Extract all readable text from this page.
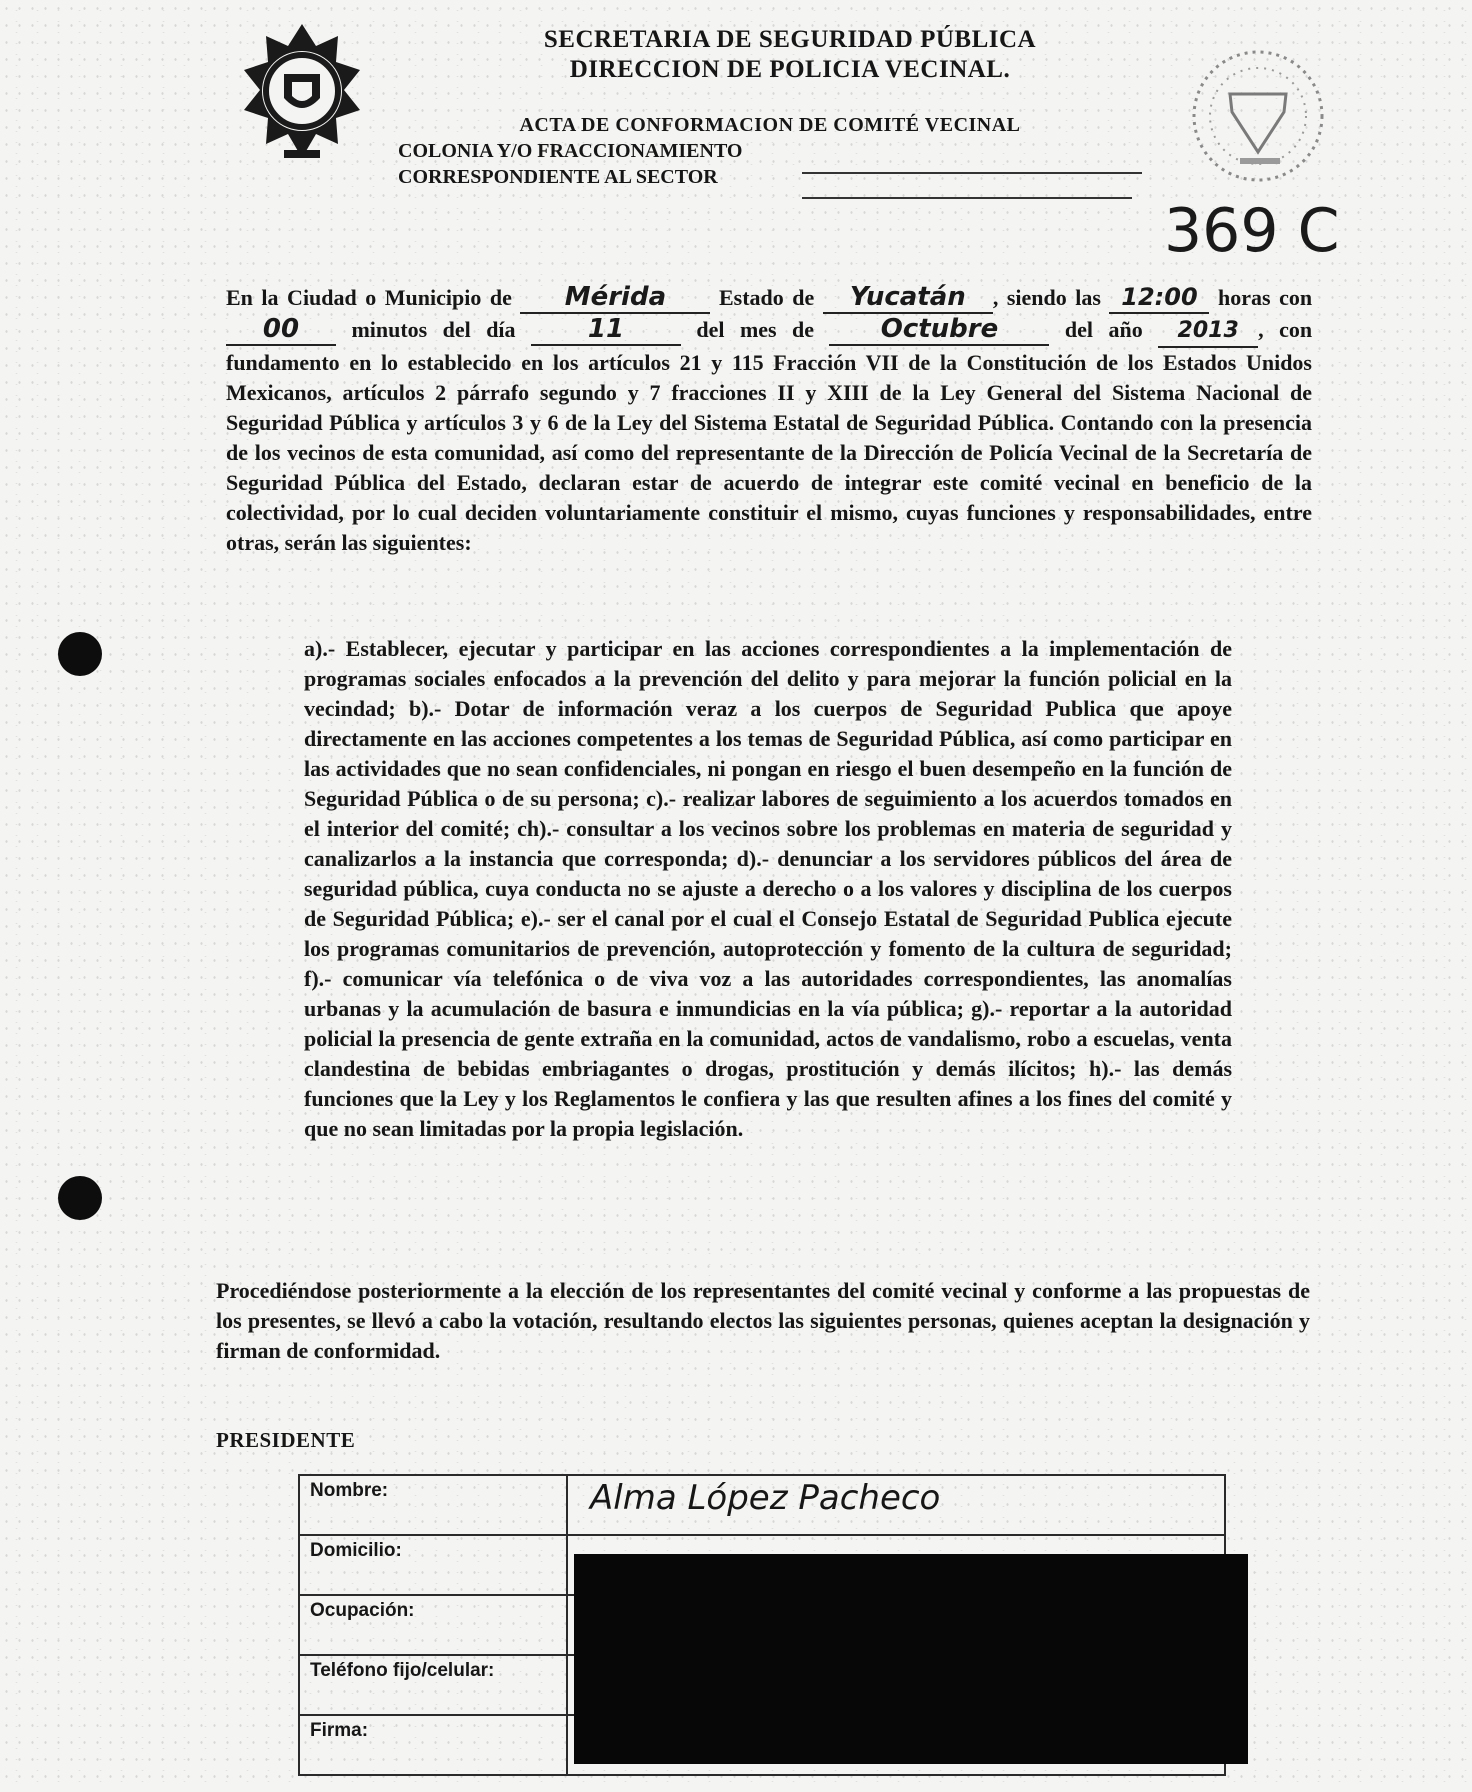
SECRETARIA DE SEGURIDAD PÚBLICA
DIRECCION DE POLICIA VECINAL.
ACTA DE CONFORMACION DE COMITÉ VECINAL
COLONIA Y/O FRACCIONAMIENTO
CORRESPONDIENTE AL SECTOR
369 C
En la Ciudad o Municipio de Mérida Estado de Yucatán , siendo las 12:00 horas con 00 minutos del día	11	del mes de	Octubre	del año 2013 , con fundamento en lo establecido en los artículos 21 y 115 Fracción VII de la Constitución de los Estados Unidos Mexicanos, artículos 2 párrafo segundo y 7 fracciones II y XIII de la Ley General del Sistema Nacional de Seguridad Pública y artículos 3 y 6 de la Ley del Sistema Estatal de Seguridad Pública. Contando con la presencia de los vecinos de esta comunidad, así como del representante de la Dirección de Policía Vecinal de la Secretaría de Seguridad Pública del Estado, declaran estar de acuerdo de integrar este comité vecinal en beneficio de la colectividad, por lo cual deciden voluntariamente constituir el mismo, cuyas funciones y responsabilidades, entre otras, serán las siguientes:
a).- Establecer, ejecutar y participar en las acciones correspondientes a la implementación de programas sociales enfocados a la prevención del delito y para mejorar la función policial en la vecindad; b).- Dotar de información veraz a los cuerpos de Seguridad Publica que apoye directamente en las acciones competentes a los temas de Seguridad Pública, así como participar en las actividades que no sean confidenciales, ni pongan en riesgo el buen desempeño en la función de Seguridad Pública o de su persona; c).- realizar labores de seguimiento a los acuerdos tomados en el interior del comité; ch).- consultar a los vecinos sobre los problemas en materia de seguridad y canalizarlos a la instancia que corresponda; d).- denunciar a los servidores públicos del área de seguridad pública, cuya conducta no se ajuste a derecho o a los valores y disciplina de los cuerpos de Seguridad Pública; e).- ser el canal por el cual el Consejo Estatal de Seguridad Publica ejecute los programas comunitarios de prevención, autoprotección y fomento de la cultura de seguridad; f).- comunicar vía telefónica o de viva voz a las autoridades correspondientes, las anomalías urbanas y la acumulación de basura e inmundicias en la vía pública; g).- reportar a la autoridad policial la presencia de gente extraña en la comunidad, actos de vandalismo, robo a escuelas, venta clandestina de bebidas embriagantes o drogas, prostitución y demás ilícitos; h).- las demás funciones que la Ley y los Reglamentos le confiera y las que resulten afines a los fines del comité y que no sean limitadas por la propia legislación.
Procediéndose posteriormente a la elección de los representantes del comité vecinal y conforme a las propuestas de los presentes, se llevó a cabo la votación, resultando electos las siguientes personas, quienes aceptan la designación y firman de conformidad.
PRESIDENTE
Nombre:	Alma López Pacheco
Domicilio:	
Ocupación:	
Teléfono fijo/celular:	
Firma:	
